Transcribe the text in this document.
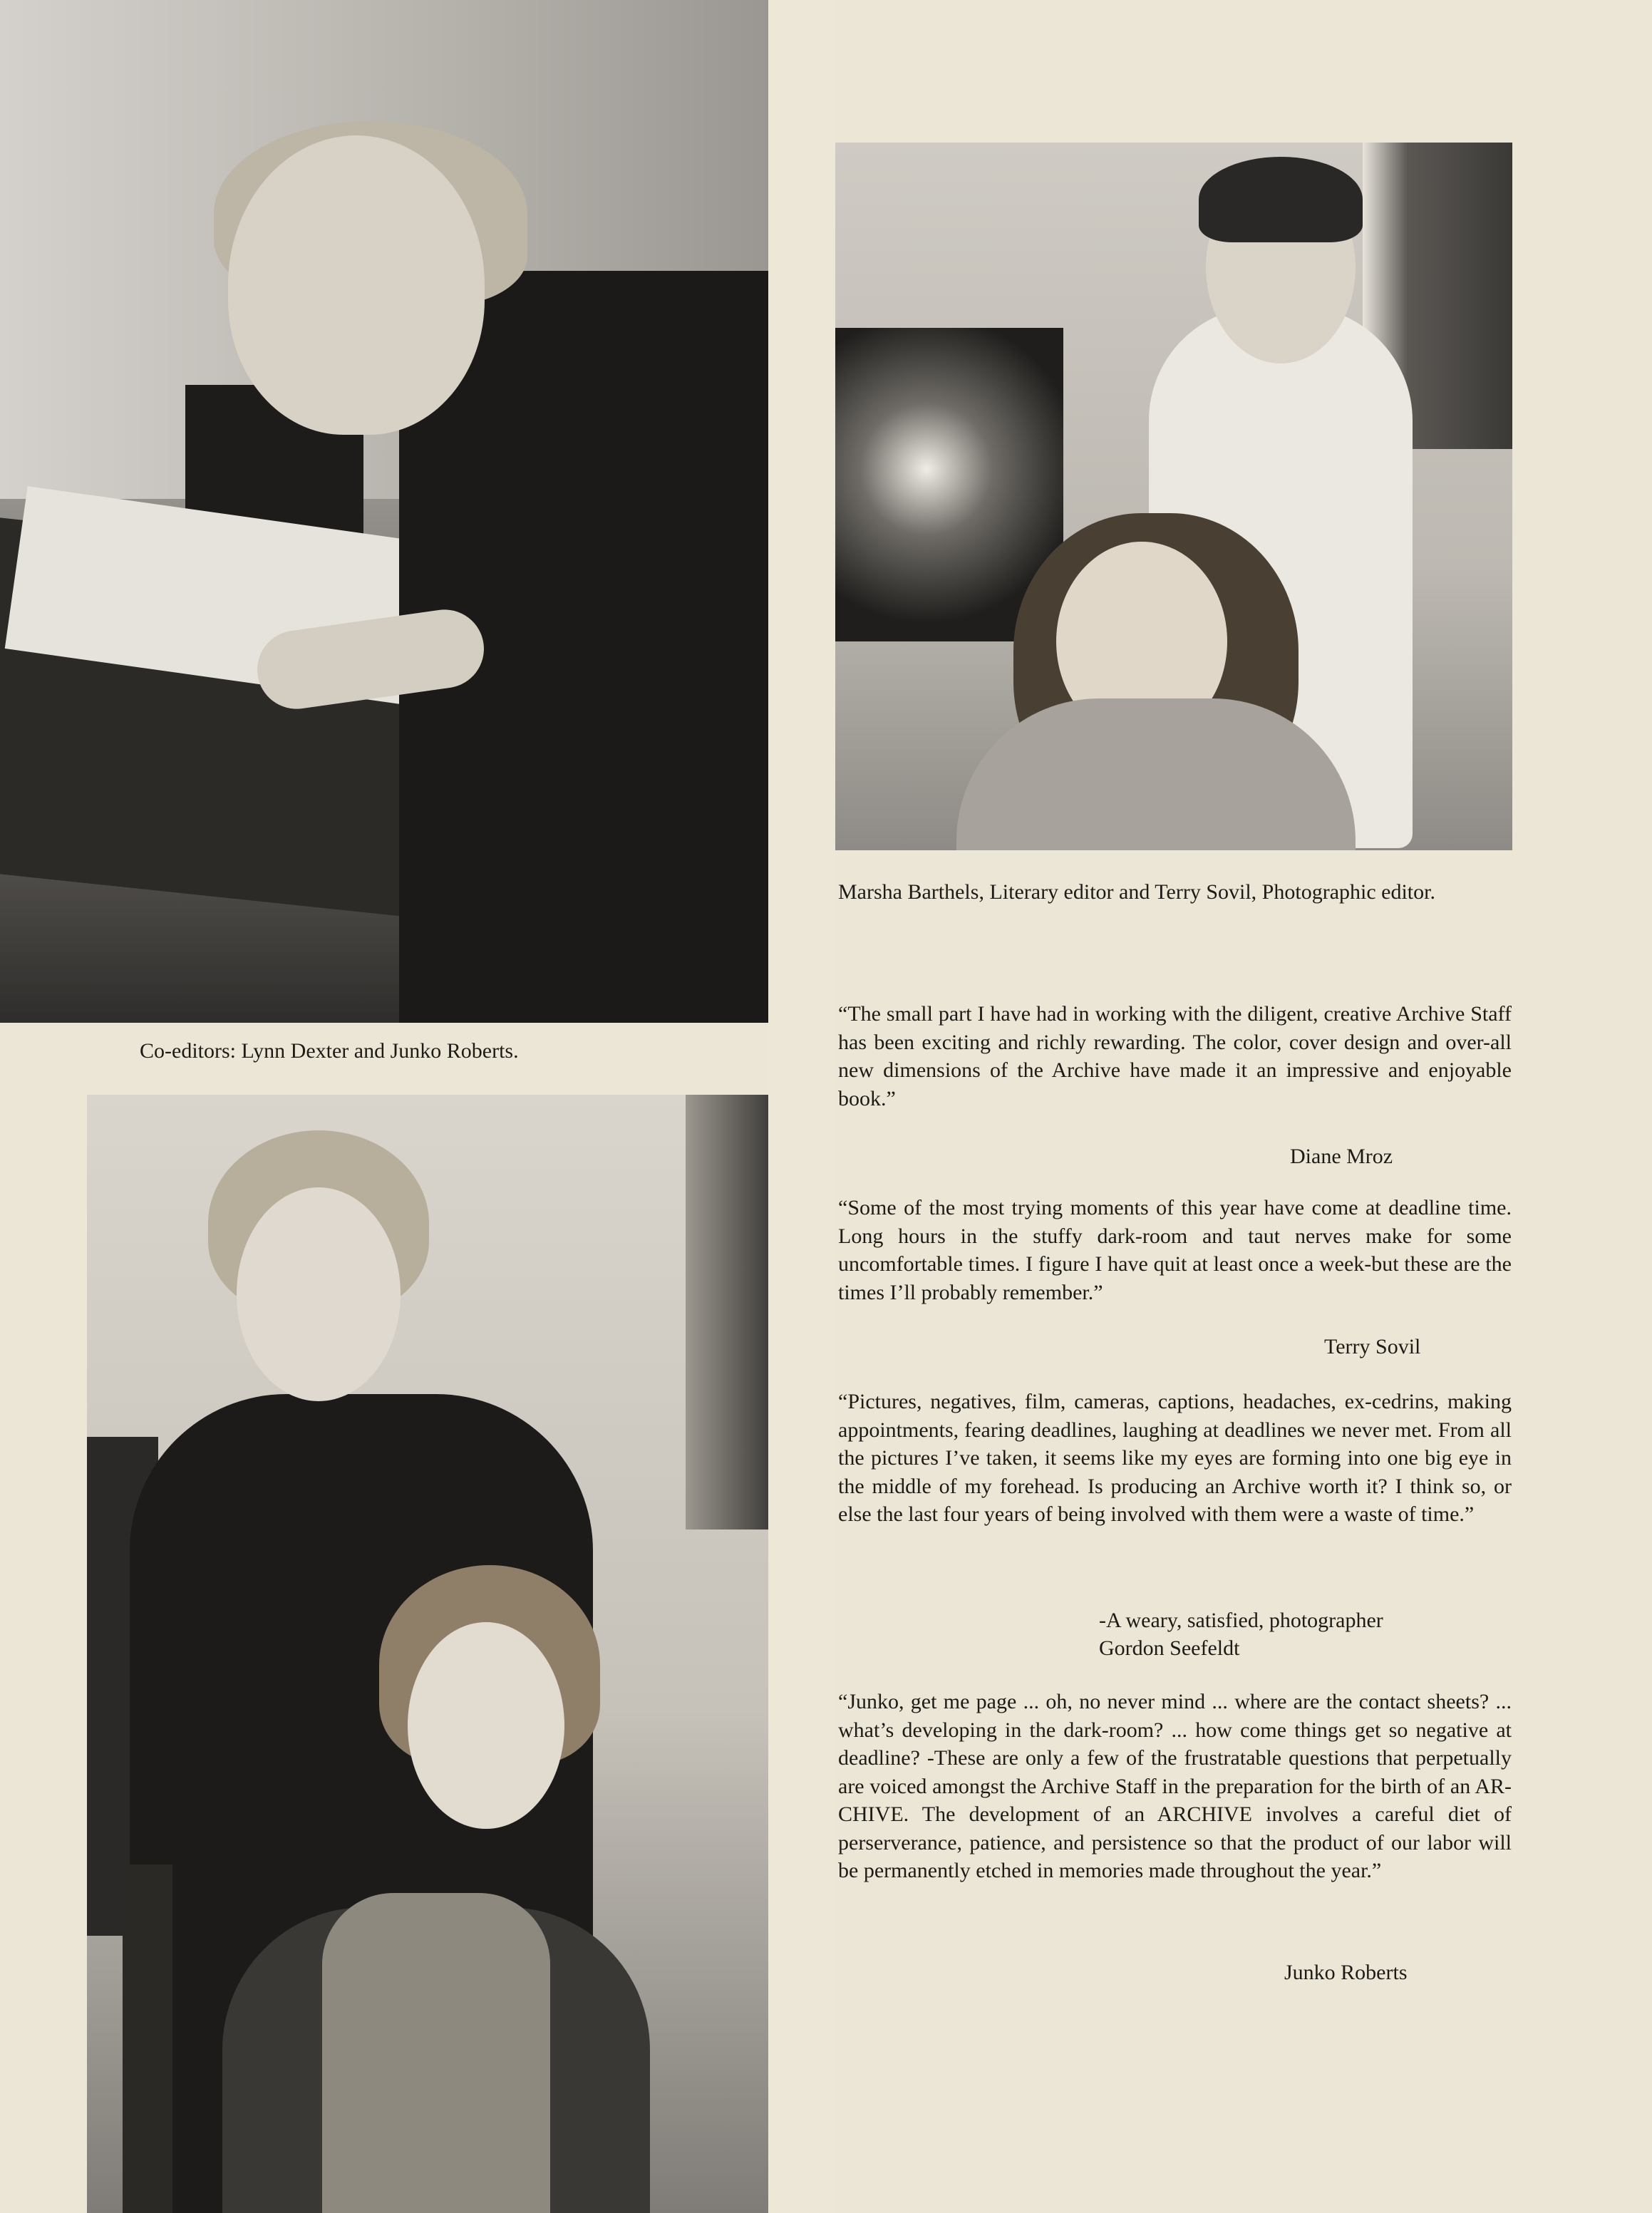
Co-editors: Lynn Dexter and Junko Roberts.

Marsha Barthels, Literary editor and Terry Sovil, Photographic editor.

“The small part I have had in working with the diligent, creative Archive Staff has been exciting and richly rewarding. The color, cover design and over-all new dimensions of the Archive have made it an impressive and enjoyable book.”

Diane Mroz

“Some of the most trying moments of this year have come at deadline time. Long hours in the stuffy dark-room and taut nerves make for some uncomfortable times. I figure I have quit at least once a week-but these are the times I’ll probably remember.”

Terry Sovil

“Pictures, negatives, film, cameras, captions, headaches, ex-cedrins, making appointments, fearing deadlines, laughing at deadlines we never met. From all the pictures I’ve taken, it seems like my eyes are forming into one big eye in the middle of my forehead. Is producing an Archive worth it? I think so, or else the last four years of being involved with them were a waste of time.”

-A weary, satisfied, photographer

Gordon Seefeldt

“Junko, get me page ... oh, no never mind ... where are the contact sheets? ... what’s developing in the dark-room? ... how come things get so negative at deadline? -These are only a few of the frustratable questions that perpetually are voiced amongst the Archive Staff in the preparation for the birth of an AR-CHIVE. The development of an ARCHIVE involves a careful diet of perserverance, patience, and persistence so that the product of our labor will be permanently etched in memories made throughout the year.”

Junko Roberts
